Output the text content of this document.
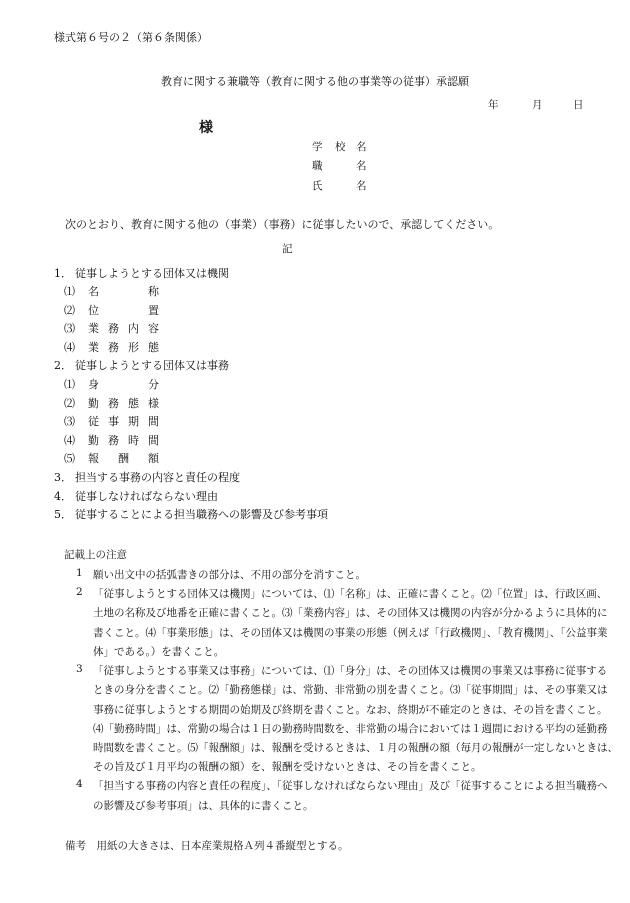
様式第６号の２（第６条関係）
教育に関する兼職等（教育に関する他の事業等の従事）承認願
年	月	日
様
学 校 名
職	名
氏	名
次のとおり、教育に関する他の（事業）（事務）に従事したいので、承認してください。
記
1． 従事しようとする団体又は機関
⑴ 名	称
⑵ 位	置
⑶ 業 務 内 容
⑷ 業 務 形 態
2． 従事しようとする団体又は事務
⑴ 身	分
⑵ 勤 務 態 様
⑶ 従 事 期 間
⑷ 勤 務 時 間
⑸ 報 酬 額
3． 担当する事務の内容と責任の程度
4． 従事しなければならない理由
5． 従事することによる担当職務への影響及び参考事項
記載上の注意
1 願い出文中の括弧書きの部分は、不用の部分を消すこと。
2 「従事しようとする団体又は機関」については、⑴「名称」は、正確に書くこと。⑵「位置」は、行政区画、
土地の名称及び地番を正確に書くこと。⑶「業務内容」は、その団体又は機関の内容が分かるように具体的に
書くこと。⑷「事業形態」は、その団体又は機関の事業の形態（例えば「行政機関」、「教育機関」、「公益事業
体」である。）を書くこと。
3 「従事しようとする事業又は事務」については、⑴「身分」は、その団体又は機関の事業又は事務に従事する
ときの身分を書くこと。⑵「勤務態様」は、常勤、非常勤の別を書くこと。⑶「従事期間」は、その事業又は
事務に従事しようとする期間の始期及び終期を書くこと。なお、終期が不確定のときは、その旨を書くこと。
⑷「勤務時間」は、常勤の場合は１日の勤務時間数を、非常勤の場合においては１週間における平均の延勤務
時間数を書くこと。⑸「報酬額」は、報酬を受けるときは、１月の報酬の額（毎月の報酬が一定しないときは、
その旨及び１月平均の報酬の額）を、報酬を受けないときは、その旨を書くこと。
4 「担当する事務の内容と責任の程度」、「従事しなければならない理由」及び「従事することによる担当職務へ
の影響及び参考事項」は、具体的に書くこと。
備考　用紙の大きさは、日本産業規格Ａ列４番縦型とする。
